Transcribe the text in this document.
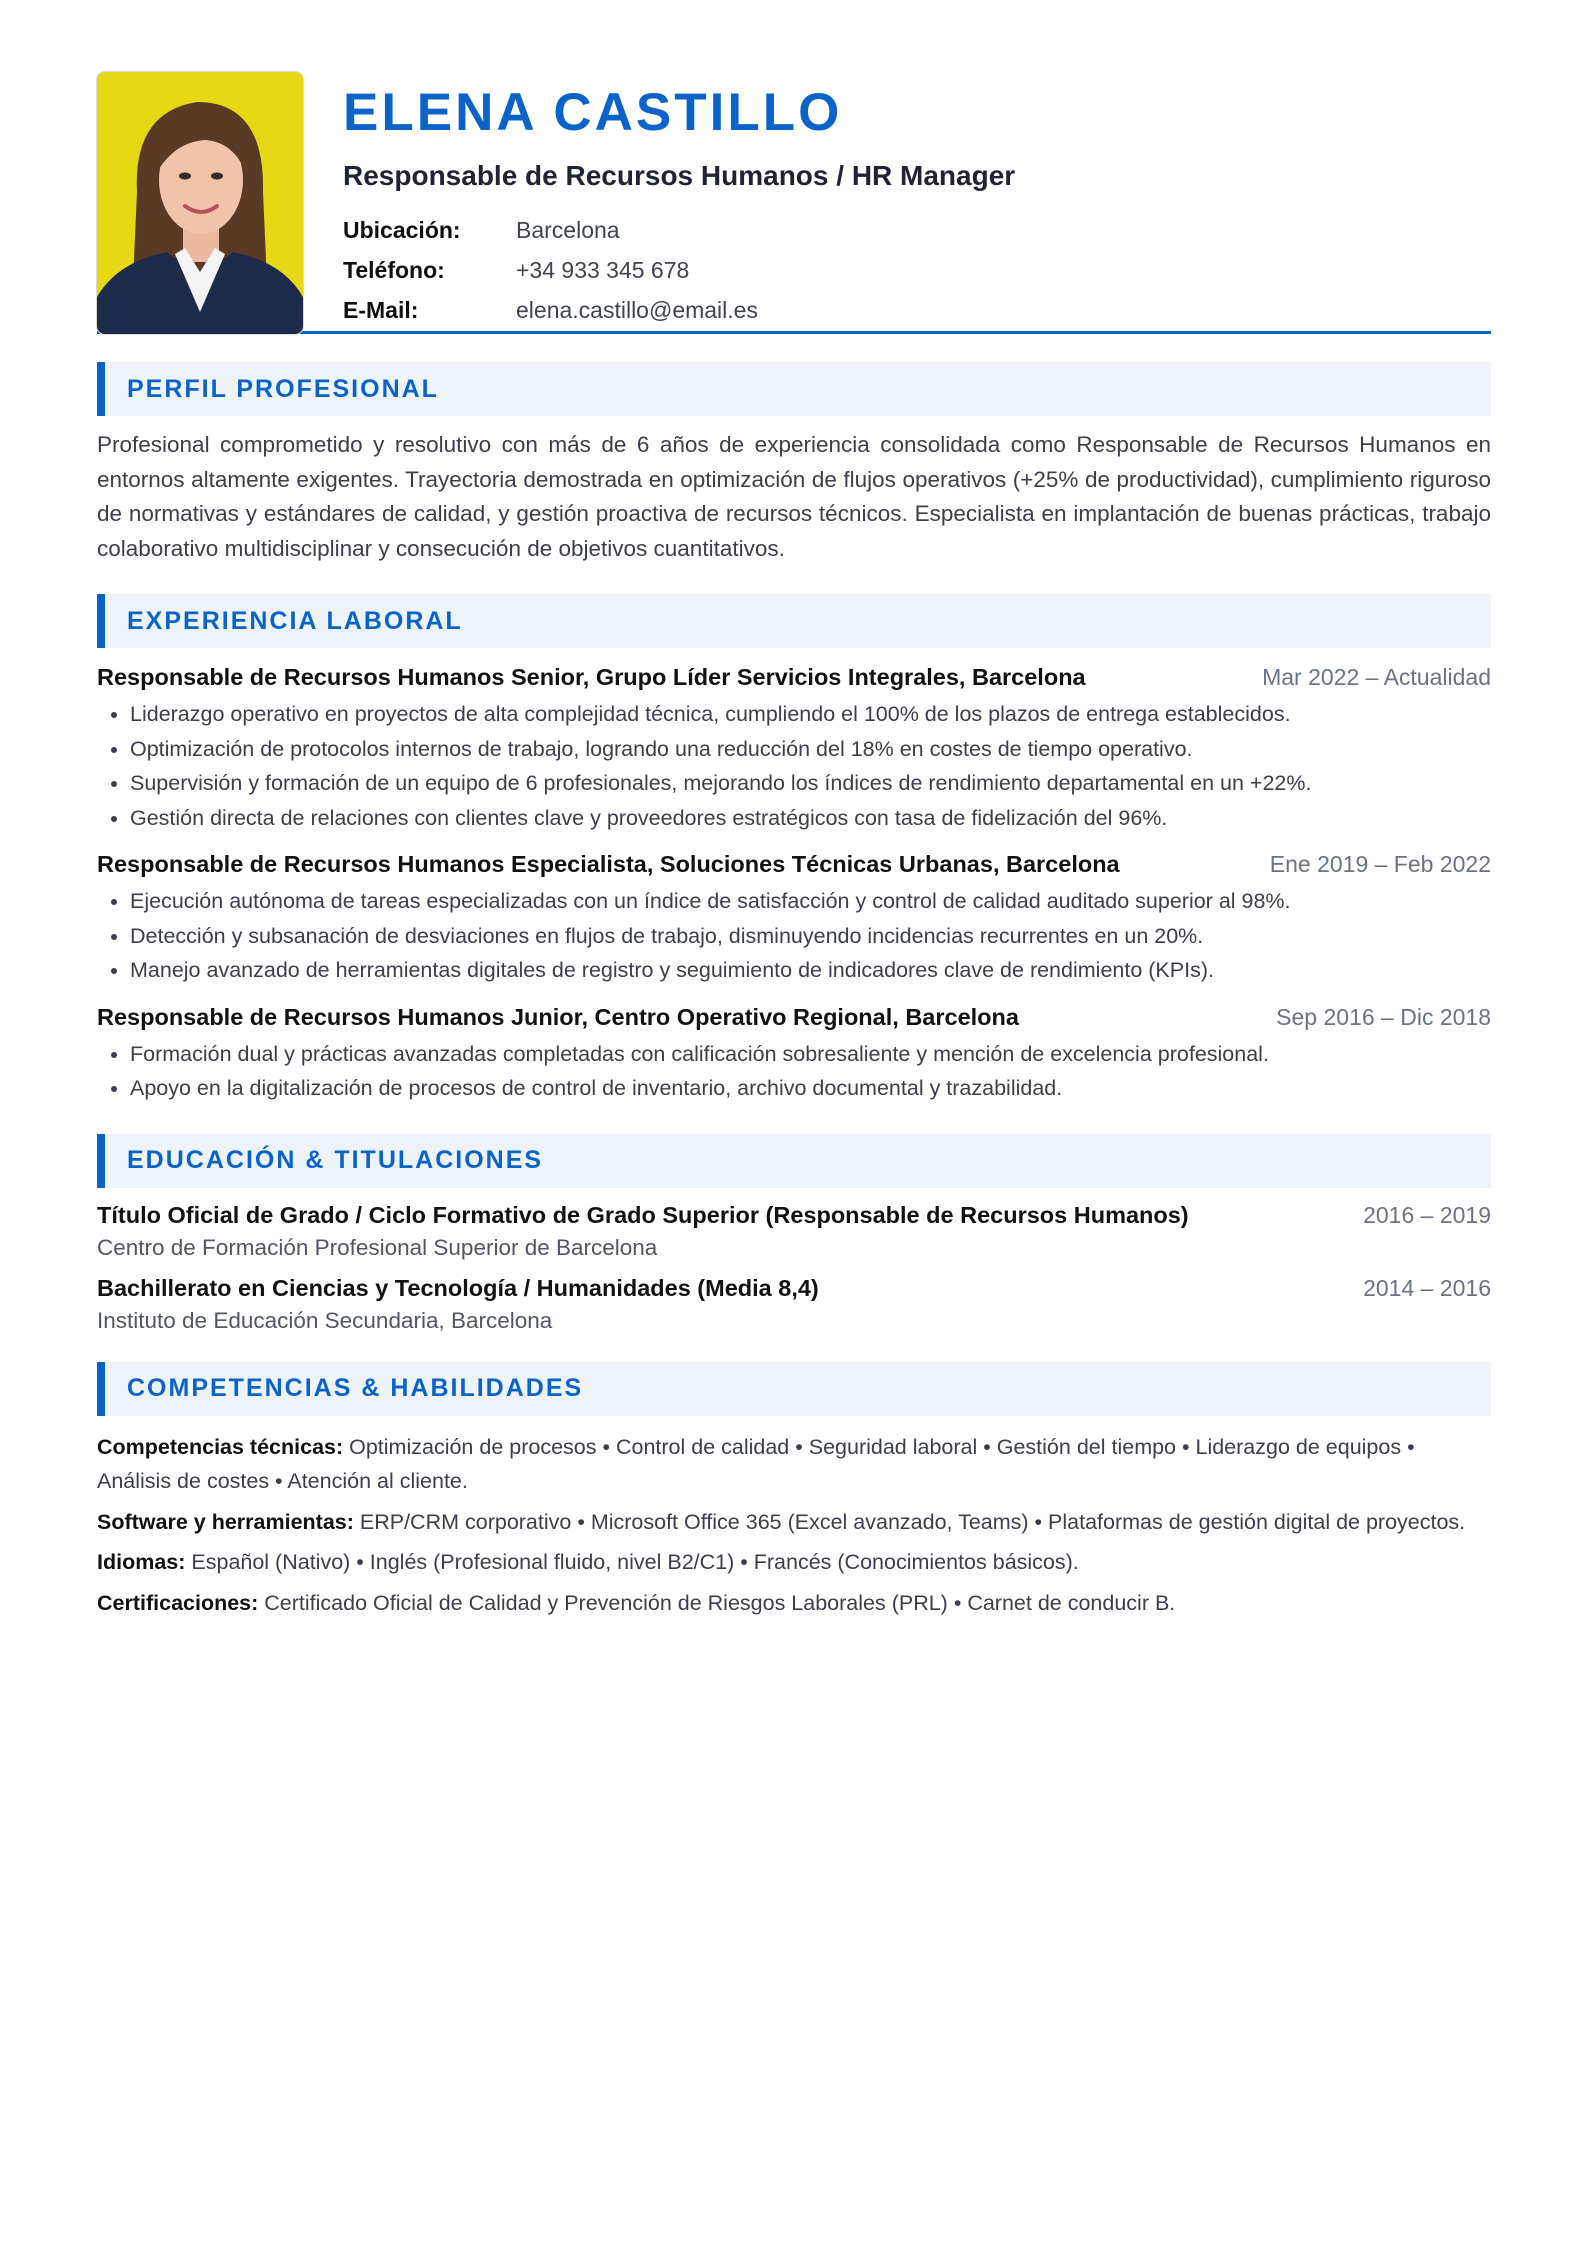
ELENA CASTILLO
Responsable de Recursos Humanos / HR Manager
Ubicación:	Barcelona
Teléfono:	+34 933 345 678
E-Mail:	elena.castillo@email.es
PERFIL PROFESIONAL
Profesional comprometido y resolutivo con más de 6 años de experiencia consolidada como Responsable de Recursos Humanos en entornos altamente exigentes. Trayectoria demostrada en optimización de flujos operativos (+25% de productividad), cumplimiento riguroso de normativas y estándares de calidad, y gestión proactiva de recursos técnicos. Especialista en implantación de buenas prácticas, trabajo colaborativo multidisciplinar y consecución de objetivos cuantitativos.
EXPERIENCIA LABORAL
Responsable de Recursos Humanos Senior, Grupo Líder Servicios Integrales, Barcelona	Mar 2022 – Actualidad
• Liderazgo operativo en proyectos de alta complejidad técnica, cumpliendo el 100% de los plazos de entrega establecidos.
• Optimización de protocolos internos de trabajo, logrando una reducción del 18% en costes de tiempo operativo.
• Supervisión y formación de un equipo de 6 profesionales, mejorando los índices de rendimiento departamental en un +22%.
• Gestión directa de relaciones con clientes clave y proveedores estratégicos con tasa de fidelización del 96%.
Responsable de Recursos Humanos Especialista, Soluciones Técnicas Urbanas, Barcelona	Ene 2019 – Feb 2022
• Ejecución autónoma de tareas especializadas con un índice de satisfacción y control de calidad auditado superior al 98%.
• Detección y subsanación de desviaciones en flujos de trabajo, disminuyendo incidencias recurrentes en un 20%.
• Manejo avanzado de herramientas digitales de registro y seguimiento de indicadores clave de rendimiento (KPIs).
Responsable de Recursos Humanos Junior, Centro Operativo Regional, Barcelona	Sep 2016 – Dic 2018
• Formación dual y prácticas avanzadas completadas con calificación sobresaliente y mención de excelencia profesional.
• Apoyo en la digitalización de procesos de control de inventario, archivo documental y trazabilidad.
EDUCACIÓN & TITULACIONES
Título Oficial de Grado / Ciclo Formativo de Grado Superior (Responsable de Recursos Humanos)	2016 – 2019
Centro de Formación Profesional Superior de Barcelona
Bachillerato en Ciencias y Tecnología / Humanidades (Media 8,4)	2014 – 2016
Instituto de Educación Secundaria, Barcelona
COMPETENCIAS & HABILIDADES
Competencias técnicas: Optimización de procesos • Control de calidad • Seguridad laboral • Gestión del tiempo • Liderazgo de equipos • Análisis de costes • Atención al cliente.
Software y herramientas: ERP/CRM corporativo • Microsoft Office 365 (Excel avanzado, Teams) • Plataformas de gestión digital de proyectos.
Idiomas: Español (Nativo) • Inglés (Profesional fluido, nivel B2/C1) • Francés (Conocimientos básicos).
Certificaciones: Certificado Oficial de Calidad y Prevención de Riesgos Laborales (PRL) • Carnet de conducir B.
